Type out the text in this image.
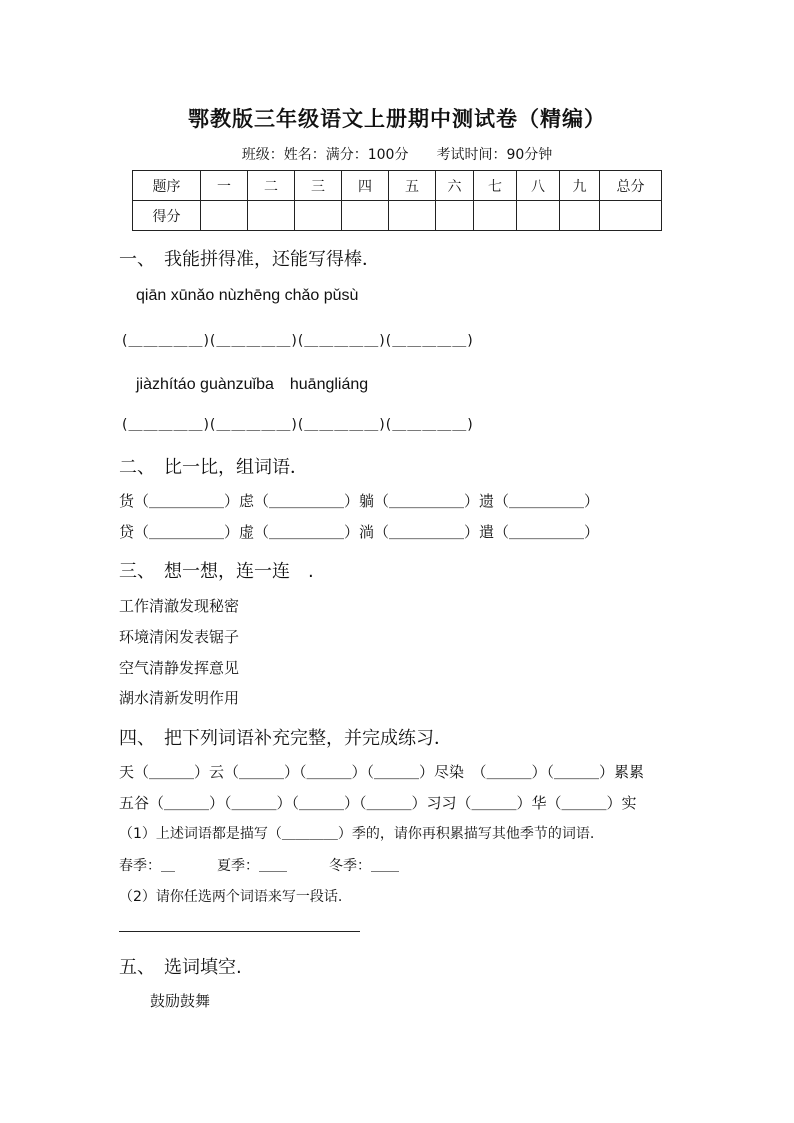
鄂教版三年级语文上册期中测试卷（精编）
班级：姓名：满分：100分　　考试时间：90分钟
题序	一	二	三	四	五	六	七	八	九	总分
得分										
一、　我能拼得准，还能写得棒．
qiān xūnǎo nùzhēng chǎo pǔsù
(＿＿＿＿＿)(＿＿＿＿＿)(＿＿＿＿＿)(＿＿＿＿＿)
jiàzhítáo guànzuǐba　huāngliáng
(＿＿＿＿＿)(＿＿＿＿＿)(＿＿＿＿＿)(＿＿＿＿＿)
二、　比一比，组词语．
货（＿＿＿＿＿）虑（＿＿＿＿＿）躺（＿＿＿＿＿）遗（＿＿＿＿＿）
贷（＿＿＿＿＿）虚（＿＿＿＿＿）淌（＿＿＿＿＿）遣（＿＿＿＿＿）
三、　想一想，连一连　.
工作清澈发现秘密
环境清闲发表锯子
空气清静发挥意见
湖水清新发明作用
四、　把下列词语补充完整，并完成练习．
天（＿＿＿）云（＿＿＿）（＿＿＿）（＿＿＿）尽染　（＿＿＿）（＿＿＿）累累
五谷（＿＿＿）（＿＿＿）（＿＿＿）（＿＿＿）习习（＿＿＿）华（＿＿＿）实
（1）上述词语都是描写（＿＿＿＿）季的，请你再积累描写其他季节的词语.
春季：＿　　　夏季：＿＿　　　冬季：＿＿
（2）请你任选两个词语来写一段话.
五、　选词填空.
鼓励鼓舞
